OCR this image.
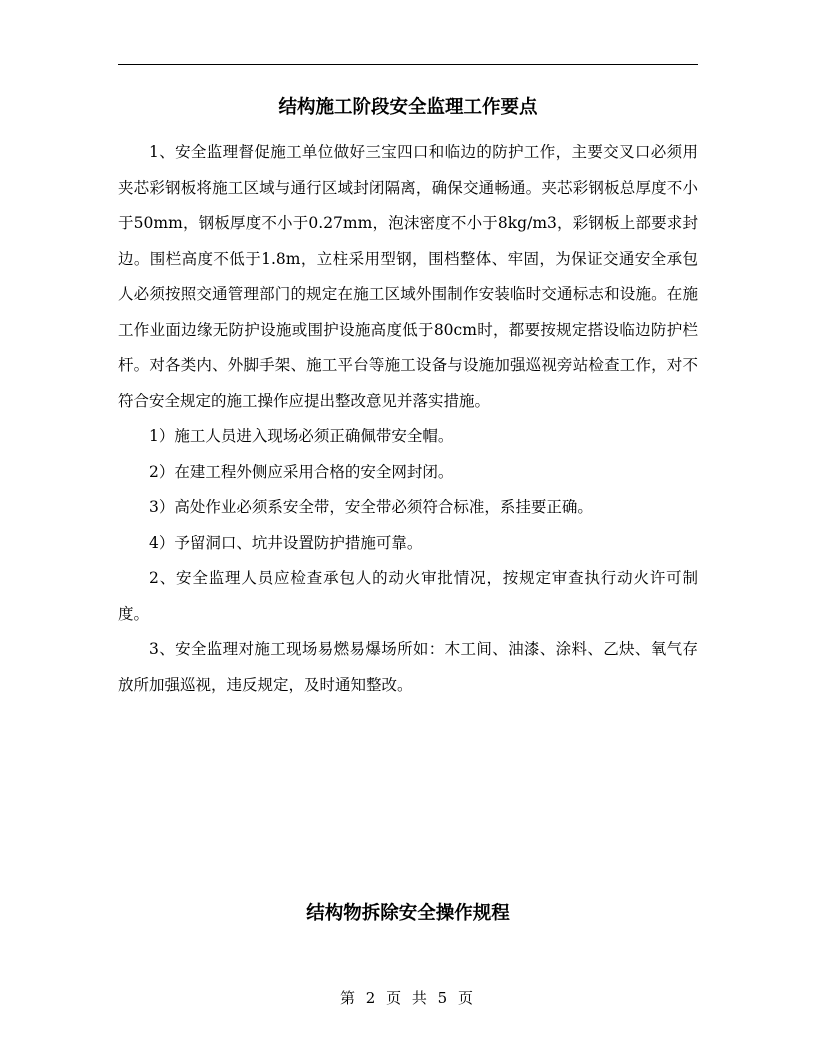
结构施工阶段安全监理工作要点

1、安全监理督促施工单位做好三宝四口和临边的防护工作，主要交叉口必须用夹芯彩钢板将施工区域与通行区域封闭隔离，确保交通畅通。夹芯彩钢板总厚度不小于50mm，钢板厚度不小于0.27mm，泡沫密度不小于8kg/m3，彩钢板上部要求封边。围栏高度不低于1.8m，立柱采用型钢，围档整体、牢固，为保证交通安全承包人必须按照交通管理部门的规定在施工区域外围制作安装临时交通标志和设施。在施工作业面边缘无防护设施或围护设施高度低于80cm时，都要按规定搭设临边防护栏杆。对各类内、外脚手架、施工平台等施工设备与设施加强巡视旁站检查工作，对不符合安全规定的施工操作应提出整改意见并落实措施。

1）施工人员进入现场必须正确佩带安全帽。

2）在建工程外侧应采用合格的安全网封闭。

3）高处作业必须系安全带，安全带必须符合标准，系挂要正确。

4）予留洞口、坑井设置防护措施可靠。

2、安全监理人员应检查承包人的动火审批情况，按规定审查执行动火许可制度。

3、安全监理对施工现场易燃易爆场所如：木工间、油漆、涂料、乙炔、氧气存放所加强巡视，违反规定，及时通知整改。

结构物拆除安全操作规程
第 2 页 共 5 页
